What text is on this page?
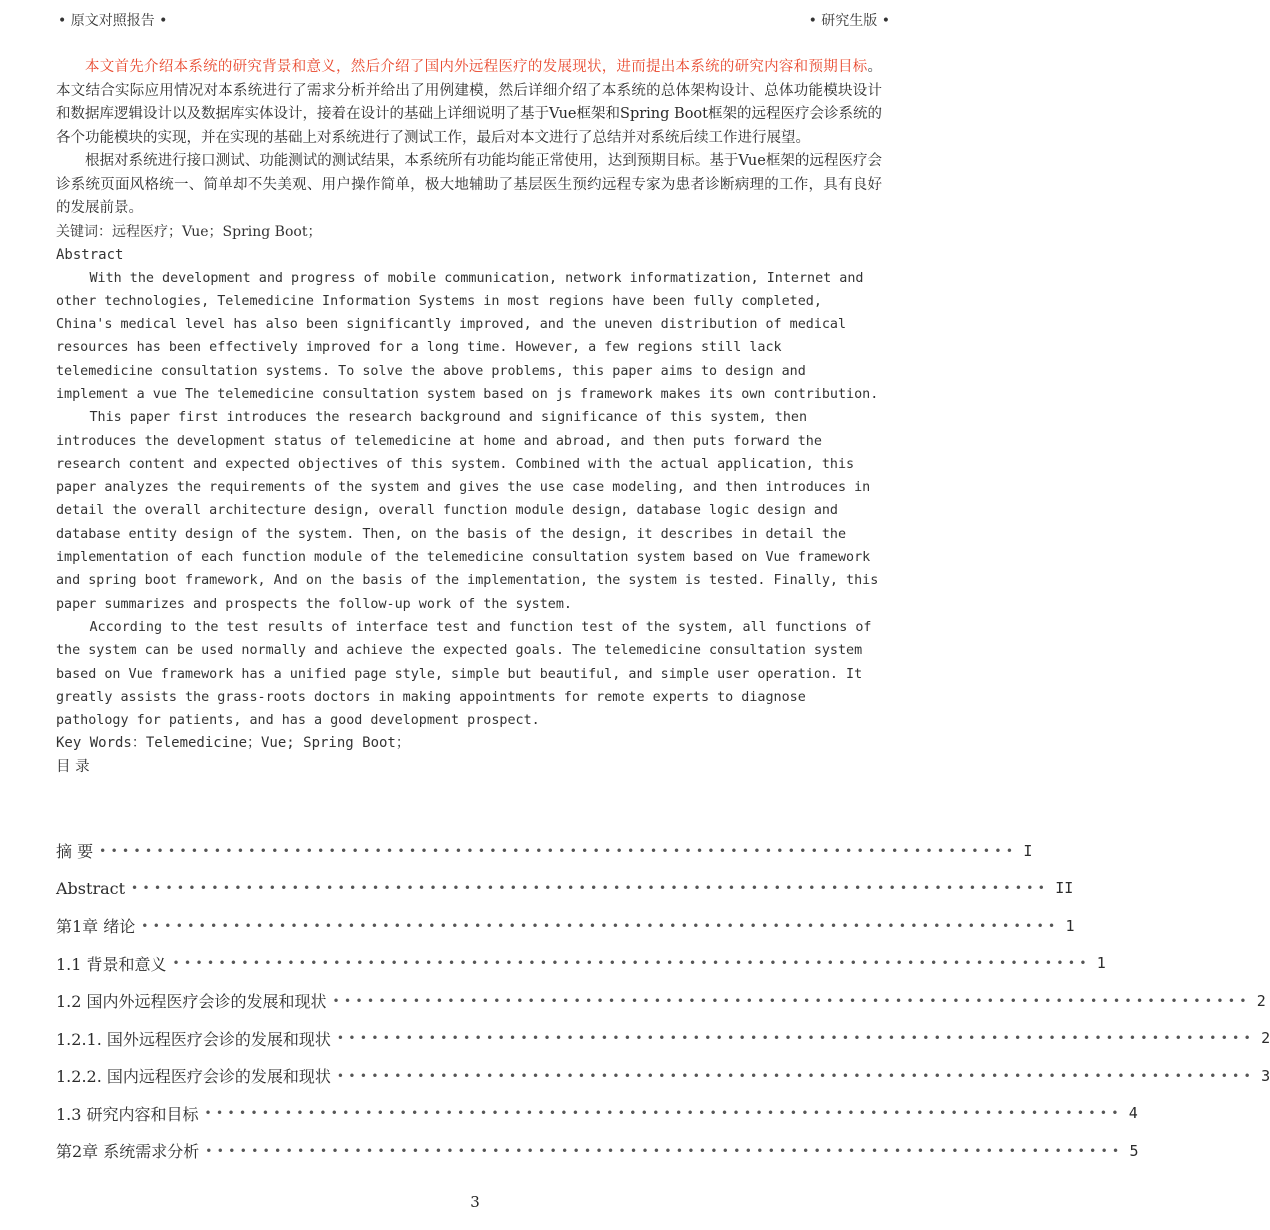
• 原文对照报告 •	• 研究生版 •

本文首先介绍本系统的研究背景和意义，然后介绍了国内外远程医疗的发展现状，进而提出本系统的研究内容和预期目标。本文结合实际应用情况对本系统进行了需求分析并给出了用例建模，然后详细介绍了本系统的总体架构设计、总体功能模块设计和数据库逻辑设计以及数据库实体设计，接着在设计的基础上详细说明了基于Vue框架和Spring Boot框架的远程医疗会诊系统的各个功能模块的实现，并在实现的基础上对系统进行了测试工作，最后对本文进行了总结并对系统后续工作进行展望。

根据对系统进行接口测试、功能测试的测试结果，本系统所有功能均能正常使用，达到预期目标。基于Vue框架的远程医疗会诊系统页面风格统一、简单却不失美观、用户操作简单，极大地辅助了基层医生预约远程专家为患者诊断病理的工作，具有良好的发展前景。

关键词：远程医疗；Vue；Spring Boot；

Abstract

With the development and progress of mobile communication, network informatization, Internet and other technologies, Telemedicine Information Systems in most regions have been fully completed, China's medical level has also been significantly improved, and the uneven distribution of medical resources has been effectively improved for a long time. However, a few regions still lack telemedicine consultation systems. To solve the above problems, this paper aims to design and implement a vue The telemedicine consultation system based on js framework makes its own contribution.

This paper first introduces the research background and significance of this system, then introduces the development status of telemedicine at home and abroad, and then puts forward the research content and expected objectives of this system. Combined with the actual application, this paper analyzes the requirements of the system and gives the use case modeling, and then introduces in detail the overall architecture design, overall function module design, database logic design and database entity design of the system. Then, on the basis of the design, it describes in detail the implementation of each function module of the telemedicine consultation system based on Vue framework and spring boot framework, And on the basis of the implementation, the system is tested. Finally, this paper summarizes and prospects the follow-up work of the system.

According to the test results of interface test and function test of the system, all functions of the system can be used normally and achieve the expected goals. The telemedicine consultation system based on Vue framework has a unified page style, simple but beautiful, and simple user operation. It greatly assists the grass-roots doctors in making appointments for remote experts to diagnose pathology for patients, and has a good development prospect.

Key Words：Telemedicine；Vue; Spring Boot；

目 录

摘 要 •••••••••••••••••••••••••••••••••••••••••••••••••••••••••••••••••••••••••••••••• I
Abstract •••••••••••••••••••••••••••••••••••••••••••••••••••••••••••••••••••••••••••••••• II
第1章 绪论 •••••••••••••••••••••••••••••••••••••••••••••••••••••••••••••••••••••••••••••••• 1
1.1 背景和意义 •••••••••••••••••••••••••••••••••••••••••••••••••••••••••••••••••••••••••••••••• 1
1.2 国内外远程医疗会诊的发展和现状 •••••••••••••••••••••••••••••••••••••••••••••••••••••••••••••••••••••••••••••••• 2
1.2.1. 国外远程医疗会诊的发展和现状 •••••••••••••••••••••••••••••••••••••••••••••••••••••••••••••••••••••••••••••••• 2
1.2.2. 国内远程医疗会诊的发展和现状 •••••••••••••••••••••••••••••••••••••••••••••••••••••••••••••••••••••••••••••••• 3
1.3 研究内容和目标 •••••••••••••••••••••••••••••••••••••••••••••••••••••••••••••••••••••••••••••••• 4
第2章 系统需求分析 •••••••••••••••••••••••••••••••••••••••••••••••••••••••••••••••••••••••••••••••• 5
3
